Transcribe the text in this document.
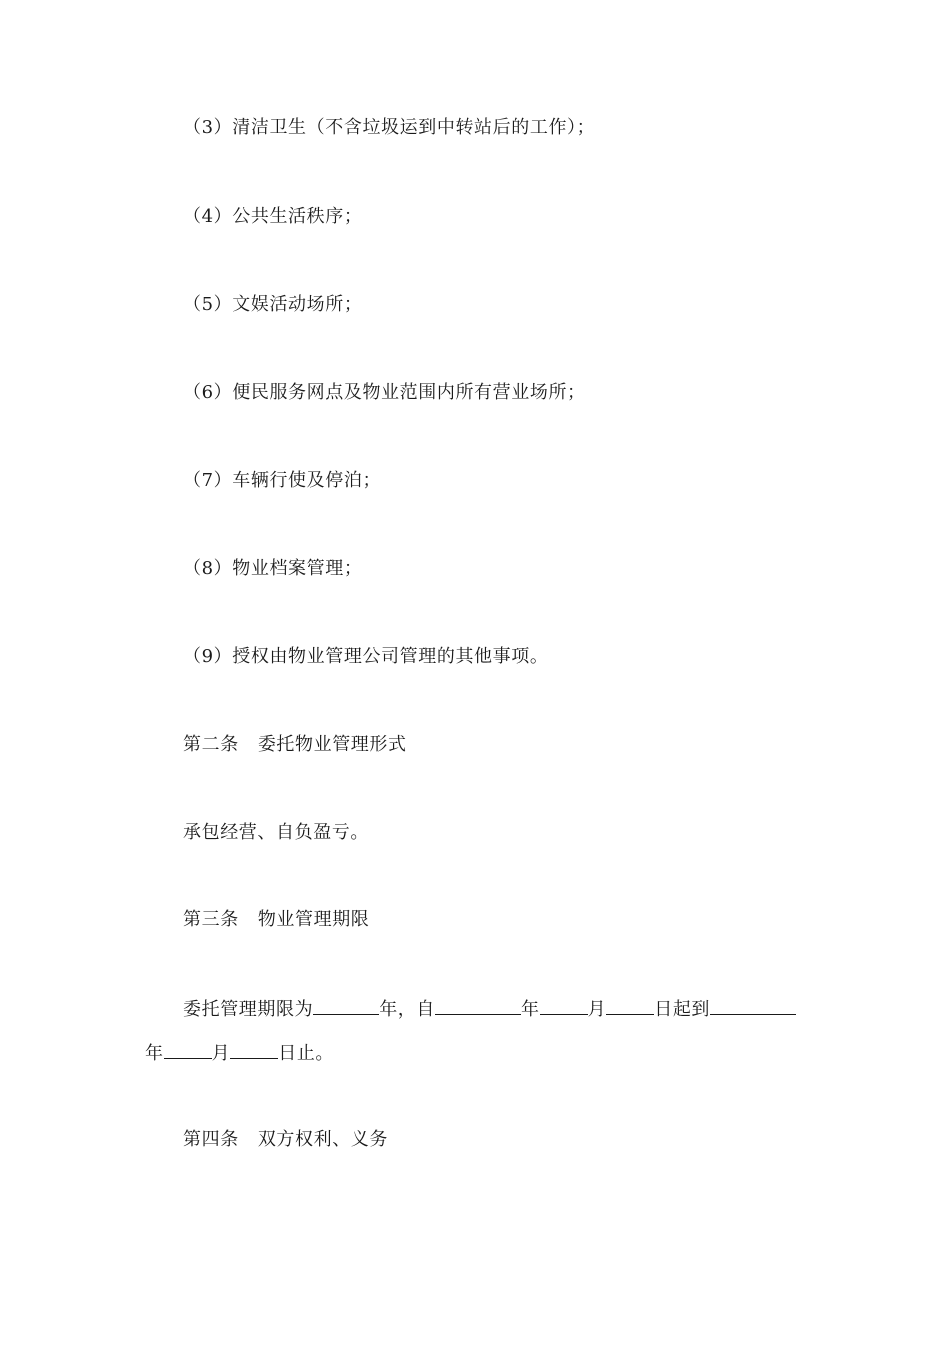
（3）清洁卫生（不含垃圾运到中转站后的工作）；
（4）公共生活秩序；
（5）文娱活动场所；
（6）便民服务网点及物业范围内所有营业场所；
（7）车辆行使及停泊；
（8）物业档案管理；
（9）授权由物业管理公司管理的其他事项。
第二条 委托物业管理形式
承包经营、自负盈亏。
第三条 物业管理期限
委托管理期限为	年，自	年	月	日起到
年	月	日止。
第四条 双方权利、义务
